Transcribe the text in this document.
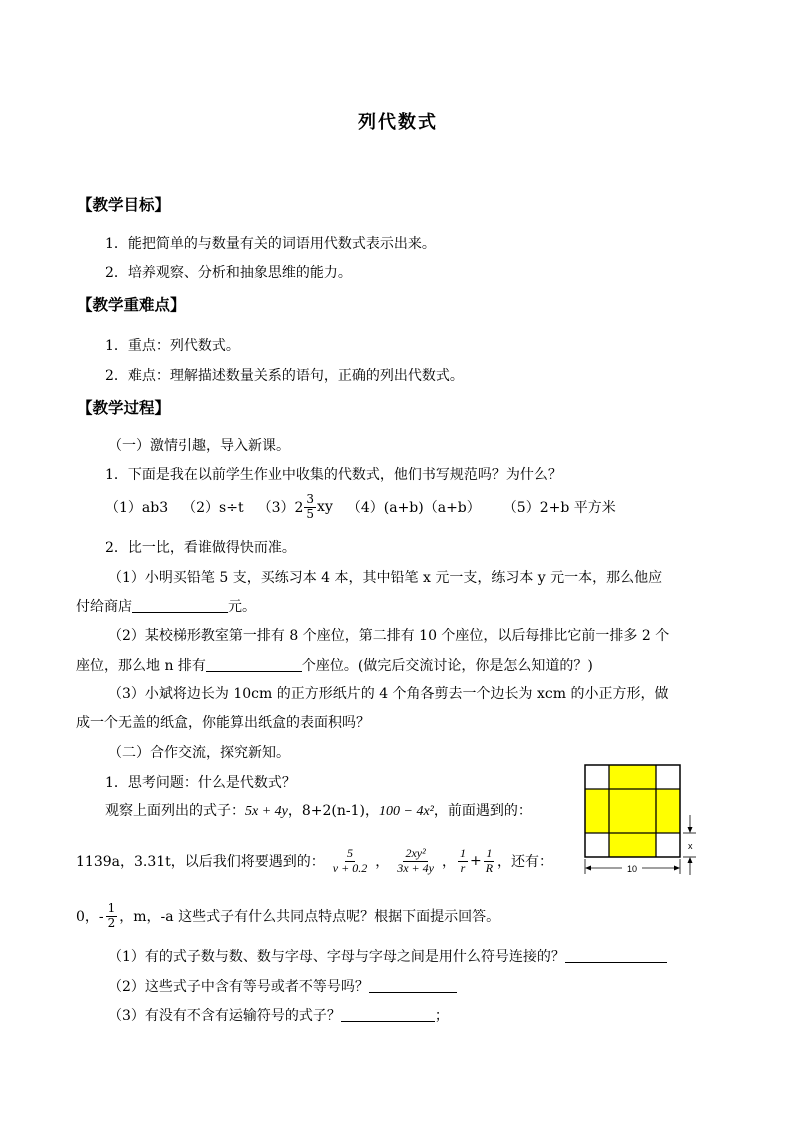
列代数式
【教学目标】
1．能把简单的与数量有关的词语用代数式表示出来。
2．培养观察、分析和抽象思维的能力。
【教学重难点】
1．重点：列代数式。
2．难点：理解描述数量关系的语句，正确的列出代数式。
【教学过程】
（一）激情引趣，导入新课。
1．下面是我在以前学生作业中收集的代数式，他们书写规范吗？为什么？
（1）ab3 （2）s÷t $(3)2 \frac{3}{5}$ xy （4）(a+b)（a+b） （5）2+b 平方米
2．比一比，看谁做得快而准。
（1）小明买铅笔 5 支，买练习本 4 本，其中铅笔 x 元一支，练习本 y 元一本，那么他应
付给商店	元。
（2）某校梯形教室第一排有 8 个座位，第二排有 10 个座位，以后每排比它前一排多 2 个
座位，那么地 n 排有	个座位。(做完后交流讨论，你是怎么知道的？)
（3）小斌将边长为 10cm 的正方形纸片的 4 个角各剪去一个边长为 xcm 的小正方形，做
成一个无盖的纸盒，你能算出纸盒的表面积吗？
（二）合作交流，探究新知。
1．思考问题：什么是代数式？
观察上面列出的式子：5x + 4y，8+2(n-1)，100 − 4x²，前面遇到的：
1139a，3.31t，以后我们将要遇到的： $\frac{5}{v + 0.2}$ ， $\frac{\text{2xy²}}{3x + 4y}$ ， $\frac{1}{r} + \frac{1}{R}$ ，还有：
0，- $\frac{1}{2}$ ，m，-a 这些式子有什么共同点特点呢？根据下面提示回答。
（1）有的式子数与数、数与字母、字母与字母之间是用什么符号连接的？
（2）这些式子中含有等号或者不等号吗？
（3）有没有不含有运输符号的式子？	；
10
x
